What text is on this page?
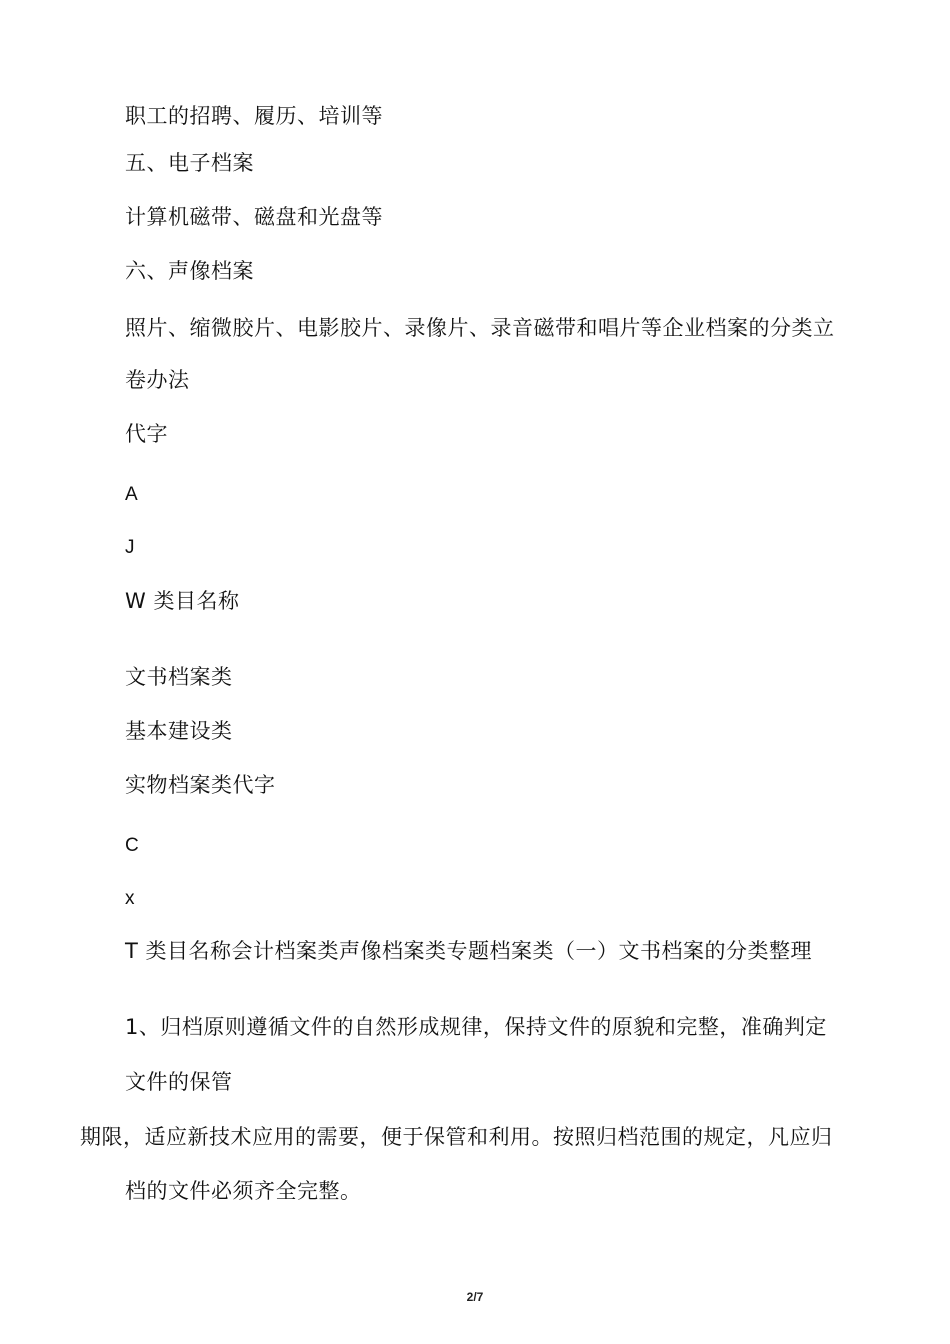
职工的招聘、履历、培训等
五、电子档案
计算机磁带、磁盘和光盘等
六、声像档案
照片、缩微胶片、电影胶片、录像片、录音磁带和唱片等企业档案的分类立
卷办法
代字
A
J
W 类目名称
文书档案类
基本建设类
实物档案类代字
C
x
T 类目名称会计档案类声像档案类专题档案类（一）文书档案的分类整理
1、归档原则遵循文件的自然形成规律，保持文件的原貌和完整，准确判定
文件的保管
期限，适应新技术应用的需要，便于保管和利用。按照归档范围的规定，凡应归
档的文件必须齐全完整。
2/7
